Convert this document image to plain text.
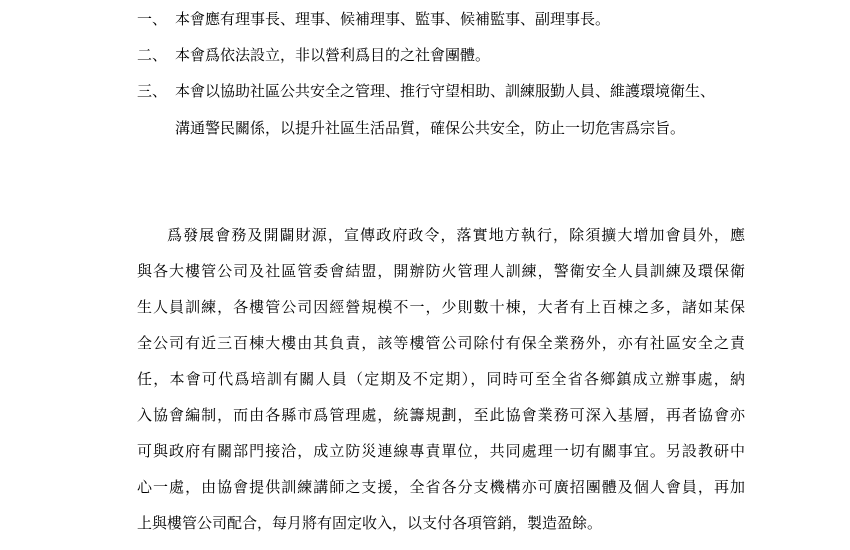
一、 本會應有理事長、理事、候補理事、監事、候補監事、副理事長。
二、 本會爲依法設立，非以營利爲目的之社會團體。
三、 本會以協助社區公共安全之管理、推行守望相助、訓練服勤人員、維護環境衛生、
溝通警民關係，以提升社區生活品質，確保公共安全，防止一切危害爲宗旨。
爲發展會務及開闢財源，宣傳政府政令，落實地方執行，除須擴大增加會員外，應
與各大樓管公司及社區管委會結盟，開辦防火管理人訓練，警衛安全人員訓練及環保衛
生人員訓練，各樓管公司因經營規模不一，少則數十棟，大者有上百棟之多，諸如某保
全公司有近三百棟大樓由其負責，該等樓管公司除付有保全業務外，亦有社區安全之責
任，本會可代爲培訓有關人員（定期及不定期），同時可至全省各鄉鎮成立辦事處，納
入協會編制，而由各縣市爲管理處，統籌規劃，至此協會業務可深入基層，再者協會亦
可與政府有關部門接洽，成立防災連線專責單位，共同處理一切有關事宜。另設教研中
心一處，由協會提供訓練講師之支援，全省各分支機構亦可廣招團體及個人會員，再加
上與樓管公司配合，每月將有固定收入，以支付各項管銷，製造盈餘。
